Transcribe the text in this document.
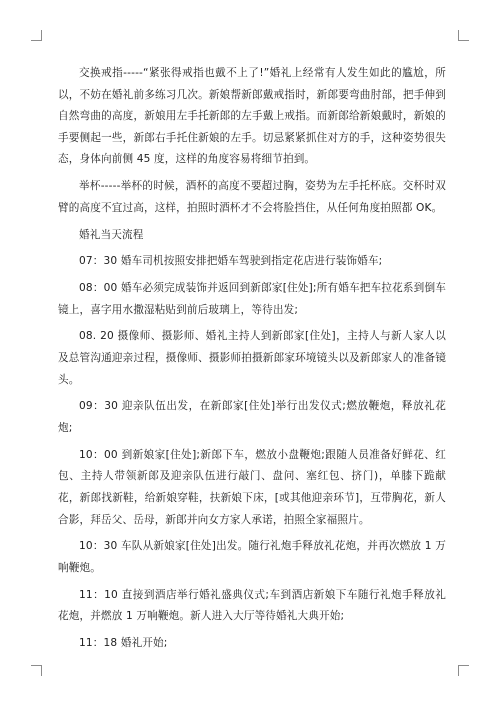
交换戒指-----“紧张得戒指也戴不上了!”婚礼上经常有人发生如此的尴尬，所以，不妨在婚礼前多练习几次。新娘帮新郎戴戒指时，新郎要弯曲肘部，把手伸到自然弯曲的高度，新娘用左手托新郎的左手戴上戒指。而新郎给新娘戴时，新娘的手要侧起一些，新郎右手托住新娘的左手。切忌紧紧抓住对方的手，这种姿势很失态，身体向前侧 45 度，这样的角度容易将细节拍到。

举杯-----举杯的时候，酒杯的高度不要超过胸，姿势为左手托杯底。交杯时双臂的高度不宜过高，这样，拍照时酒杯才不会将脸挡住，从任何角度拍照都 OK。

婚礼当天流程

07：30 婚车司机按照安排把婚车驾驶到指定花店进行装饰婚车;

08：00 婚车必须完成装饰并返回到新郎家[住处];所有婚车把车拉花系到倒车镜上，喜字用水撒湿粘贴到前后玻璃上，等待出发;

08. 20 摄像师、摄影师、婚礼主持人到新郎家[住处]，主持人与新人家人以及总管沟通迎亲过程，摄像师、摄影师拍摄新郎家环境镜头以及新郎家人的准备镜头。

09：30 迎亲队伍出发，在新郎家[住处]举行出发仪式;燃放鞭炮，释放礼花炮;

10：00 到新娘家[住处];新郎下车，燃放小盘鞭炮;跟随人员准备好鲜花、红包、主持人带领新郎及迎亲队伍进行敲门、盘问、塞红包、挤门)，单膝下跪献花，新郎找新鞋，给新娘穿鞋，扶新娘下床，[或其他迎亲环节]，互带胸花，新人合影，拜岳父、岳母，新郎并向女方家人承诺，拍照全家福照片。

10：30 车队从新娘家[住处]出发。随行礼炮手释放礼花炮，并再次燃放 1 万响鞭炮。

11：10 直接到酒店举行婚礼盛典仪式;车到酒店新娘下车随行礼炮手释放礼花炮，并燃放 1 万响鞭炮。新人进入大厅等待婚礼大典开始;

11：18 婚礼开始;
